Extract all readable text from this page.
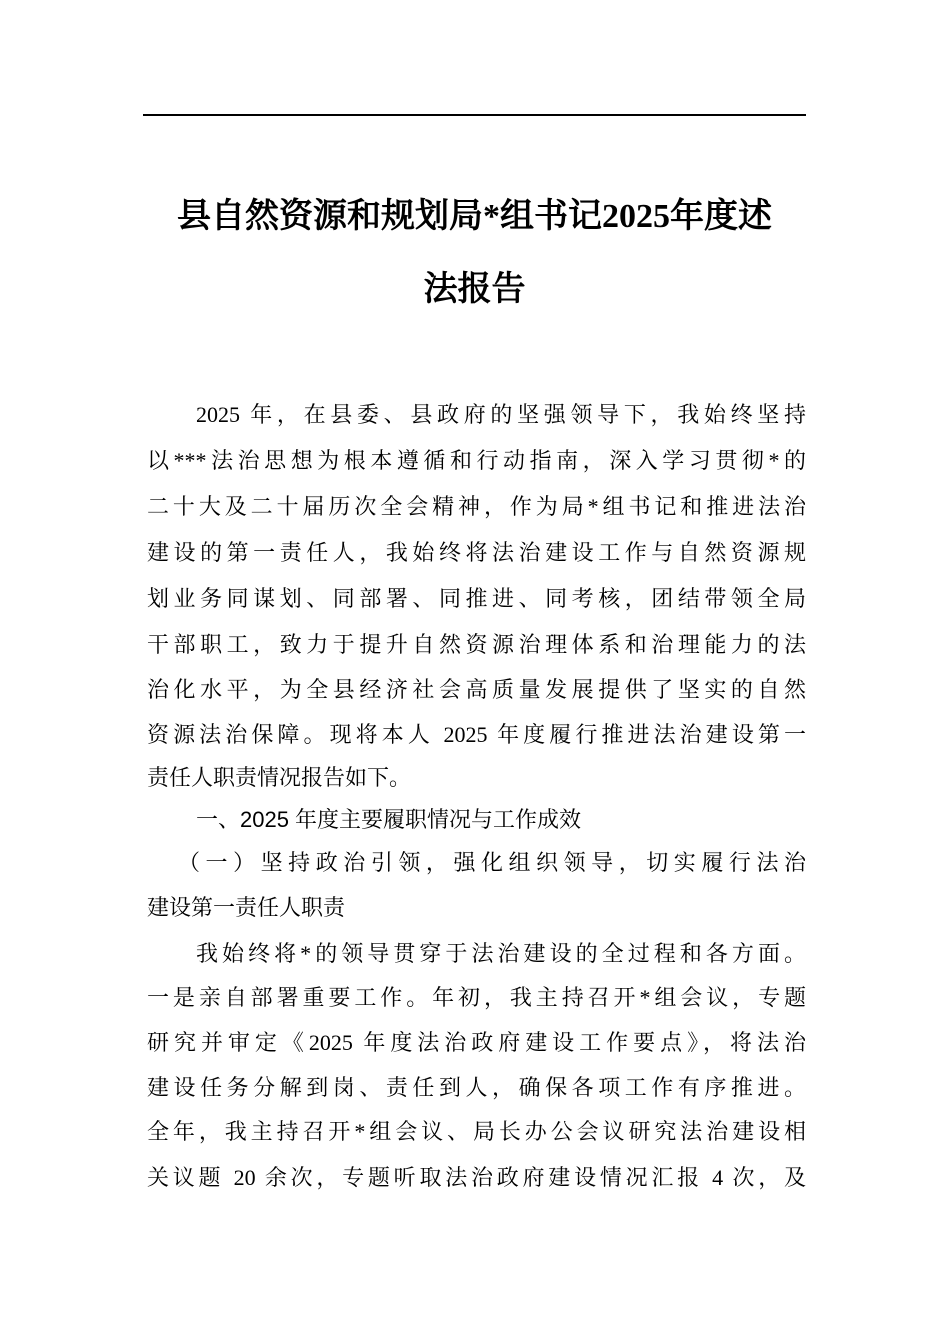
县自然资源和规划局*组书记2025年度述
法报告
2025 年，在县委、县政府的坚强领导下，我始终坚持
以***法治思想为根本遵循和行动指南，深入学习贯彻*的
二十大及二十届历次全会精神，作为局*组书记和推进法治
建设的第一责任人，我始终将法治建设工作与自然资源规
划业务同谋划、同部署、同推进、同考核，团结带领全局
干部职工，致力于提升自然资源治理体系和治理能力的法
治化水平，为全县经济社会高质量发展提供了坚实的自然
资源法治保障。现将本人 2025 年度履行推进法治建设第一
责任人职责情况报告如下。
一、2025 年度主要履职情况与工作成效
（一）坚持政治引领，强化组织领导，切实履行法治
建设第一责任人职责
我始终将*的领导贯穿于法治建设的全过程和各方面。
一是亲自部署重要工作。年初，我主持召开*组会议，专题
研究并审定《2025 年度法治政府建设工作要点》，将法治
建设任务分解到岗、责任到人，确保各项工作有序推进。
全年，我主持召开*组会议、局长办公会议研究法治建设相
关议题 20 余次，专题听取法治政府建设情况汇报 4 次，及
